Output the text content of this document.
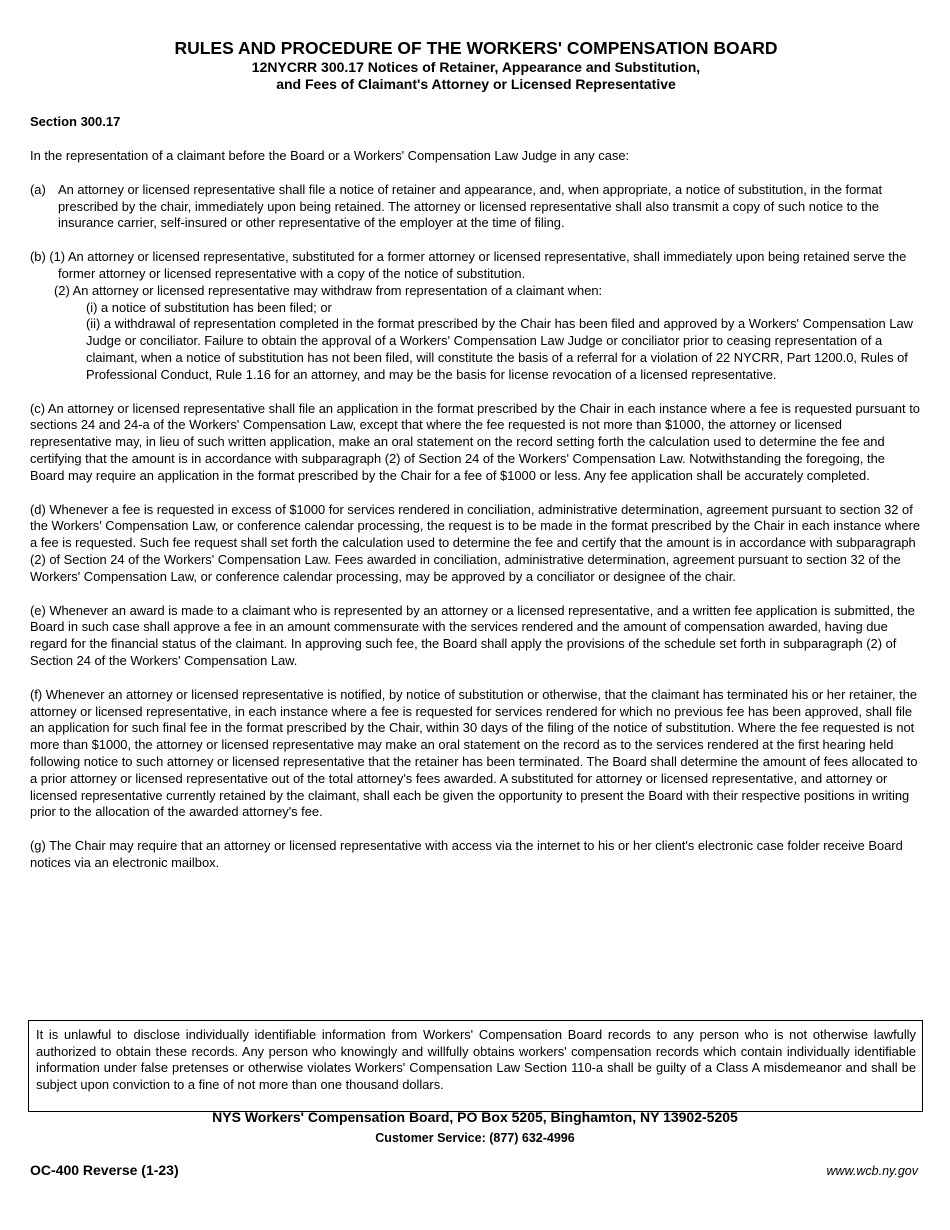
RULES AND PROCEDURE OF THE WORKERS' COMPENSATION BOARD
12NYCRR 300.17 Notices of Retainer, Appearance and Substitution,
and Fees of Claimant's Attorney or Licensed Representative
Section 300.17
In the representation of a claimant before the Board or a Workers' Compensation Law Judge in any case:
(a) An attorney or licensed representative shall file a notice of retainer and appearance, and, when appropriate, a notice of substitution, in the format prescribed by the chair, immediately upon being retained. The attorney or licensed representative shall also transmit a copy of such notice to the insurance carrier, self-insured or other representative of the employer at the time of filing.
(b) (1) An attorney or licensed representative, substituted for a former attorney or licensed representative, shall immediately upon being retained serve the former attorney or licensed representative with a copy of the notice of substitution.
(2) An attorney or licensed representative may withdraw from representation of a claimant when:
(i) a notice of substitution has been filed; or
(ii) a withdrawal of representation completed in the format prescribed by the Chair has been filed and approved by a Workers' Compensation Law Judge or conciliator. Failure to obtain the approval of a Workers' Compensation Law Judge or conciliator prior to ceasing representation of a claimant, when a notice of substitution has not been filed, will constitute the basis of a referral for a violation of 22 NYCRR, Part 1200.0, Rules of Professional Conduct, Rule 1.16 for an attorney, and may be the basis for license revocation of a licensed representative.
(c) An attorney or licensed representative shall file an application in the format prescribed by the Chair in each instance where a fee is requested pursuant to sections 24 and 24-a of the Workers' Compensation Law, except that where the fee requested is not more than $1000, the attorney or licensed representative may, in lieu of such written application, make an oral statement on the record setting forth the calculation used to determine the fee and certifying that the amount is in accordance with subparagraph (2) of Section 24 of the Workers' Compensation Law. Notwithstanding the foregoing, the Board may require an application in the format prescribed by the Chair for a fee of $1000 or less. Any fee application shall be accurately completed.
(d) Whenever a fee is requested in excess of $1000 for services rendered in conciliation, administrative determination, agreement pursuant to section 32 of the Workers' Compensation Law, or conference calendar processing, the request is to be made in the format prescribed by the Chair in each instance where a fee is requested. Such fee request shall set forth the calculation used to determine the fee and certify that the amount is in accordance with subparagraph (2) of Section 24 of the Workers' Compensation Law. Fees awarded in conciliation, administrative determination, agreement pursuant to section 32 of the Workers' Compensation Law, or conference calendar processing, may be approved by a conciliator or designee of the chair.
(e) Whenever an award is made to a claimant who is represented by an attorney or a licensed representative, and a written fee application is submitted, the Board in such case shall approve a fee in an amount commensurate with the services rendered and the amount of compensation awarded, having due regard for the financial status of the claimant. In approving such fee, the Board shall apply the provisions of the schedule set forth in subparagraph (2) of Section 24 of the Workers' Compensation Law.
(f) Whenever an attorney or licensed representative is notified, by notice of substitution or otherwise, that the claimant has terminated his or her retainer, the attorney or licensed representative, in each instance where a fee is requested for services rendered for which no previous fee has been approved, shall file an application for such final fee in the format prescribed by the Chair, within 30 days of the filing of the notice of substitution. Where the fee requested is not more than $1000, the attorney or licensed representative may make an oral statement on the record as to the services rendered at the first hearing held following notice to such attorney or licensed representative that the retainer has been terminated. The Board shall determine the amount of fees allocated to a prior attorney or licensed representative out of the total attorney's fees awarded. A substituted for attorney or licensed representative, and attorney or licensed representative currently retained by the claimant, shall each be given the opportunity to present the Board with their respective positions in writing prior to the allocation of the awarded attorney's fee.
(g) The Chair may require that an attorney or licensed representative with access via the internet to his or her client's electronic case folder receive Board notices via an electronic mailbox.
It is unlawful to disclose individually identifiable information from Workers' Compensation Board records to any person who is not otherwise lawfully authorized to obtain these records. Any person who knowingly and willfully obtains workers' compensation records which contain individually identifiable information under false pretenses or otherwise violates Workers' Compensation Law Section 110-a shall be guilty of a Class A misdemeanor and shall be subject upon conviction to a fine of not more than one thousand dollars.
NYS Workers' Compensation Board, PO Box 5205, Binghamton, NY 13902-5205
Customer Service: (877) 632-4996
OC-400 Reverse (1-23)	www.wcb.ny.gov
